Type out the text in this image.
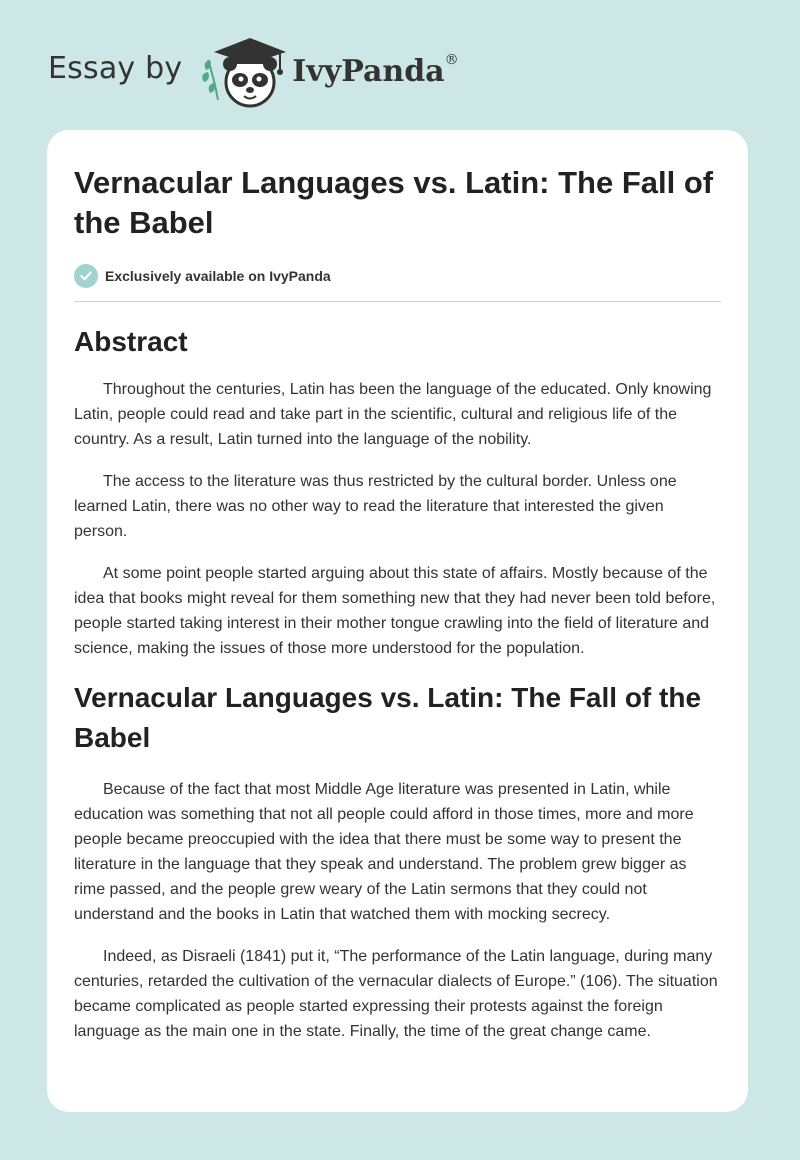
Essay by	IvyPanda®
Vernacular Languages vs. Latin: The Fall of the Babel
Exclusively available on IvyPanda
Abstract

Throughout the centuries, Latin has been the language of the educated. Only knowing Latin, people could read and take part in the scientific, cultural and religious life of the country. As a result, Latin turned into the language of the nobility.

The access to the literature was thus restricted by the cultural border. Unless one learned Latin, there was no other way to read the literature that interested the given person.

At some point people started arguing about this state of affairs. Mostly because of the idea that books might reveal for them something new that they had never been told before, people started taking interest in their mother tongue crawling into the field of literature and science, making the issues of those more understood for the population.

Vernacular Languages vs. Latin: The Fall of the Babel

Because of the fact that most Middle Age literature was presented in Latin, while education was something that not all people could afford in those times, more and more people became preoccupied with the idea that there must be some way to present the literature in the language that they speak and understand. The problem grew bigger as rime passed, and the people grew weary of the Latin sermons that they could not understand and the books in Latin that watched them with mocking secrecy.

Indeed, as Disraeli (1841) put it, “The performance of the Latin language, during many centuries, retarded the cultivation of the vernacular dialects of Europe.” (106). The situation became complicated as people started expressing their protests against the foreign language as the main one in the state. Finally, the time of the great change came.
